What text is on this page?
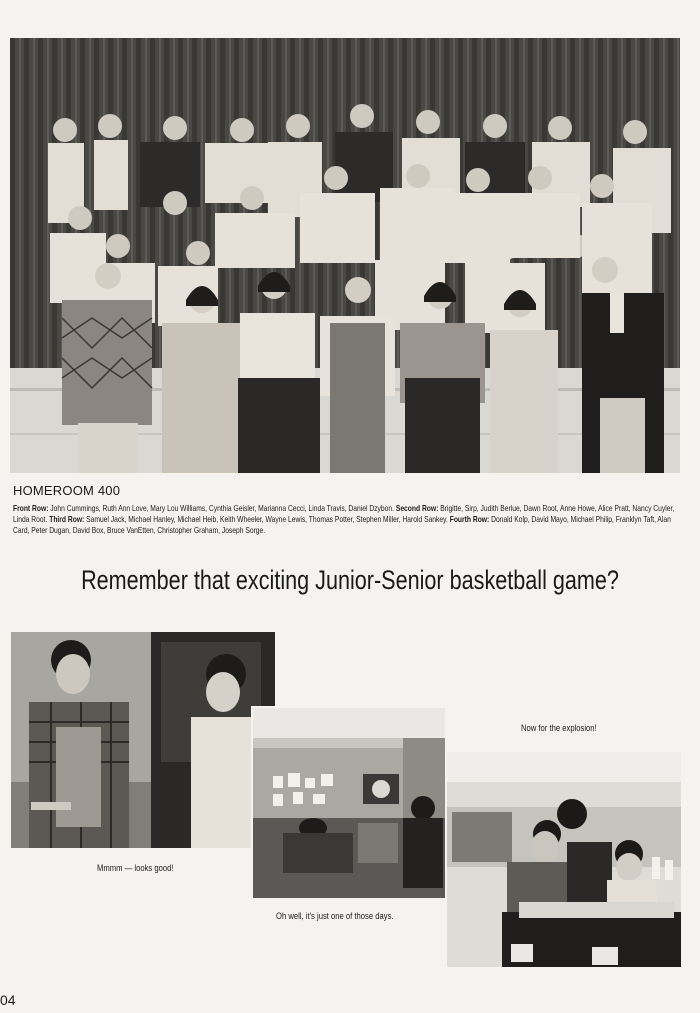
HOMEROOM 400
Front Row: John Cummings, Ruth Ann Love, Mary Lou Williams, Cynthia Geisler, Marianna Cecci, Linda Travis, Daniel Dzybon. Second Row: Brigitte, Sirp, Judith Berlue, Dawn Root, Anne Howe, Alice Pratt, Nancy Cuyler, Linda Root. Third Row: Samuel Jack, Michael Hanley, Michael Heib, Keith Wheeler, Wayne Lewis, Thomas Potter, Stephen Miller, Harold Sankey. Fourth Row: Donald Kolp, David Mayo, Michael Philip, Franklyn Taft, Alan Card, Peter Dugan, David Box, Bruce VanEtten, Christopher Graham, Joseph Sorge.
Remember that exciting Junior-Senior basketball game?
Mmmm — looks good!
Oh well, it's just one of those days.
Now for the explosion!
04
